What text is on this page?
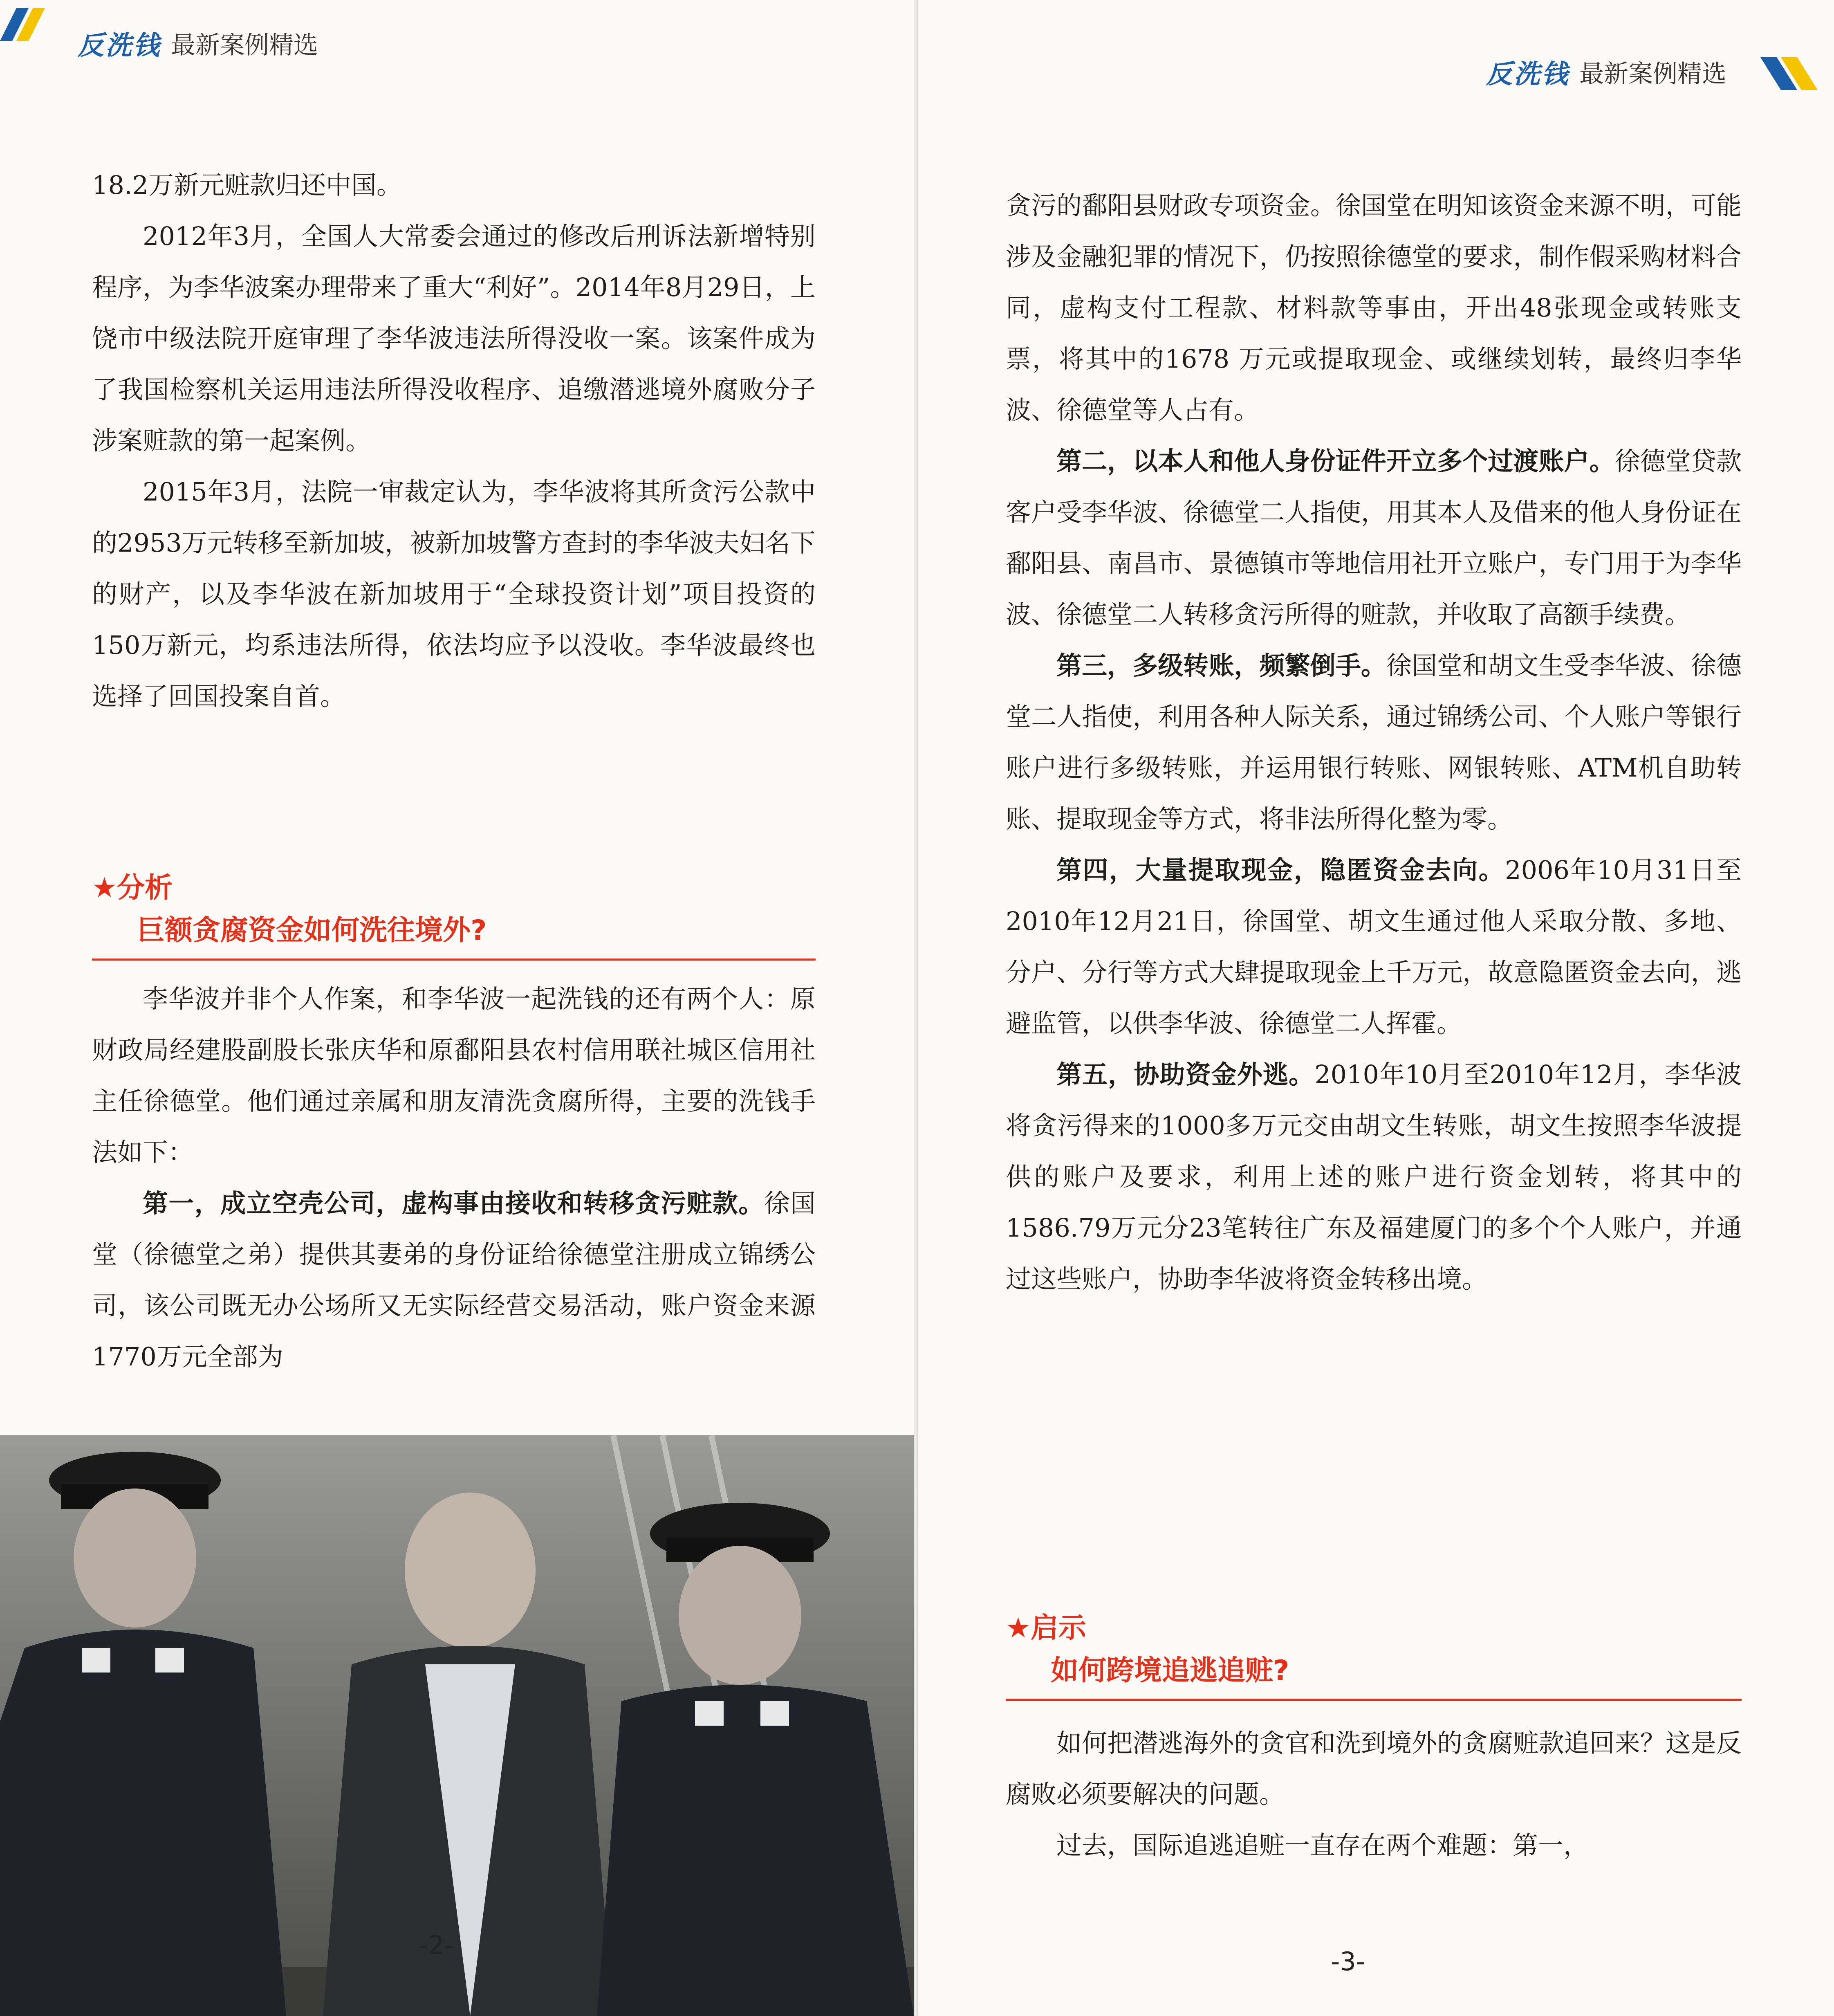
反洗钱 最新案例精选

18.2万新元赃款归还中国。

2012年3月，全国人大常委会通过的修改后刑诉法新增特别程序，为李华波案办理带来了重大“利好”。2014年8月29日，上饶市中级法院开庭审理了李华波违法所得没收一案。该案件成为了我国检察机关运用违法所得没收程序、追缴潜逃境外腐败分子涉案赃款的第一起案例。

2015年3月，法院一审裁定认为，李华波将其所贪污公款中的2953万元转移至新加坡，被新加坡警方查封的李华波夫妇名下的财产，以及李华波在新加坡用于“全球投资计划”项目投资的150万新元，均系违法所得，依法均应予以没收。李华波最终也选择了回国投案自首。

★分析
巨额贪腐资金如何洗往境外?

李华波并非个人作案，和李华波一起洗钱的还有两个人：原财政局经建股副股长张庆华和原鄱阳县农村信用联社城区信用社主任徐德堂。他们通过亲属和朋友清洗贪腐所得，主要的洗钱手法如下：

第一，成立空壳公司，虚构事由接收和转移贪污赃款。徐国堂（徐德堂之弟）提供其妻弟的身份证给徐德堂注册成立锦绣公司，该公司既无办公场所又无实际经营交易活动，账户资金来源1770万元全部为

-2-
反洗钱 最新案例精选

贪污的鄱阳县财政专项资金。徐国堂在明知该资金来源不明，可能涉及金融犯罪的情况下，仍按照徐德堂的要求，制作假采购材料合同，虚构支付工程款、材料款等事由，开出48张现金或转账支票，将其中的1678 万元或提取现金、或继续划转，最终归李华波、徐德堂等人占有。

第二，以本人和他人身份证件开立多个过渡账户。徐德堂贷款客户受李华波、徐德堂二人指使，用其本人及借来的他人身份证在鄱阳县、南昌市、景德镇市等地信用社开立账户，专门用于为李华波、徐德堂二人转移贪污所得的赃款，并收取了高额手续费。

第三，多级转账，频繁倒手。徐国堂和胡文生受李华波、徐德堂二人指使，利用各种人际关系，通过锦绣公司、个人账户等银行账户进行多级转账，并运用银行转账、网银转账、ATM机自助转账、提取现金等方式，将非法所得化整为零。

第四，大量提取现金，隐匿资金去向。2006年10月31日至2010年12月21日，徐国堂、胡文生通过他人采取分散、多地、分户、分行等方式大肆提取现金上千万元，故意隐匿资金去向，逃避监管，以供李华波、徐德堂二人挥霍。

第五，协助资金外逃。2010年10月至2010年12月，李华波将贪污得来的1000多万元交由胡文生转账，胡文生按照李华波提供的账户及要求，利用上述的账户进行资金划转，将其中的1586.79万元分23笔转往广东及福建厦门的多个个人账户，并通过这些账户，协助李华波将资金转移出境。

★启示
如何跨境追逃追赃?

如何把潜逃海外的贪官和洗到境外的贪腐赃款追回来？这是反腐败必须要解决的问题。

过去，国际追逃追赃一直存在两个难题：第一，

-3-
